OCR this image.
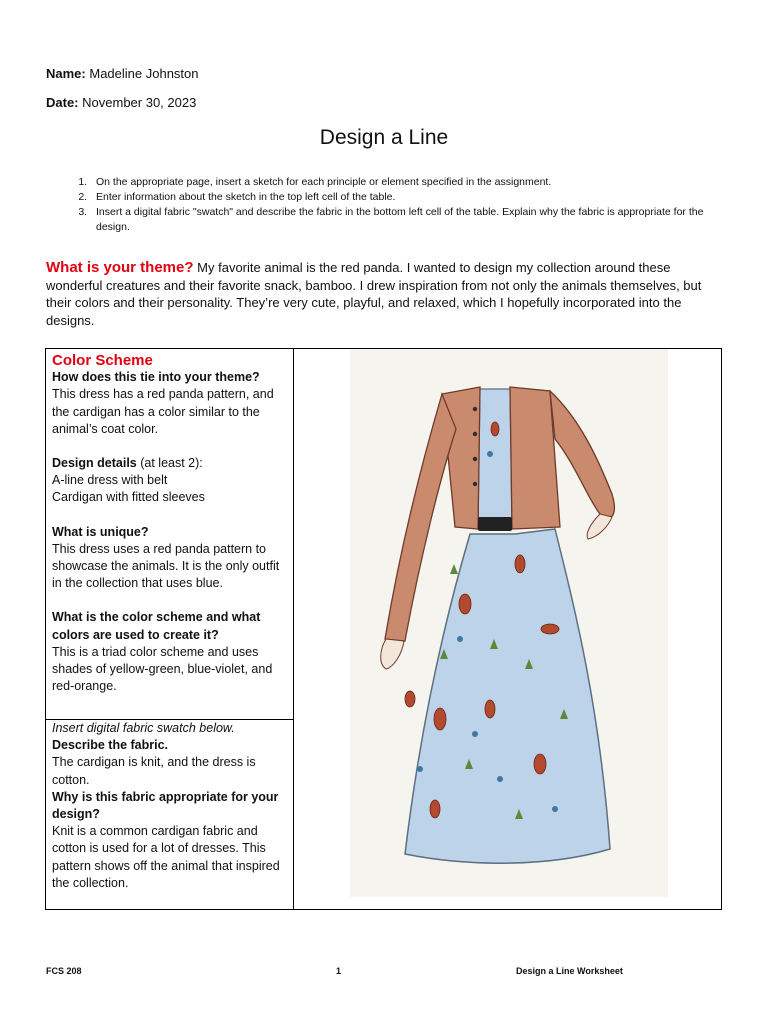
Name: Madeline Johnston
Date: November 30, 2023
Design a Line
1. On the appropriate page, insert a sketch for each principle or element specified in the assignment.
2. Enter information about the sketch in the top left cell of the table.
3. Insert a digital fabric "swatch" and describe the fabric in the bottom left cell of the table. Explain why the fabric is appropriate for the design.
What is your theme? My favorite animal is the red panda. I wanted to design my collection around these wonderful creatures and their favorite snack, bamboo. I drew inspiration from not only the animals themselves, but their colors and their personality. They’re very cute, playful, and relaxed, which I hopefully incorporated into the designs.
Color Scheme
How does this tie into your theme?
This dress has a red panda pattern, and the cardigan has a color similar to the animal’s coat color.
Design details (at least 2):
A-line dress with belt
Cardigan with fitted sleeves
What is unique?
This dress uses a red panda pattern to showcase the animals. It is the only outfit in the collection that uses blue.
What is the color scheme and what colors are used to create it?
This is a triad color scheme and uses shades of yellow-green, blue-violet, and red-orange.
Insert digital fabric swatch below.
Describe the fabric.
The cardigan is knit, and the dress is cotton.
Why is this fabric appropriate for your design?
Knit is a common cardigan fabric and cotton is used for a lot of dresses. This pattern shows off the animal that inspired the collection.
FCS 208	1	Design a Line Worksheet
